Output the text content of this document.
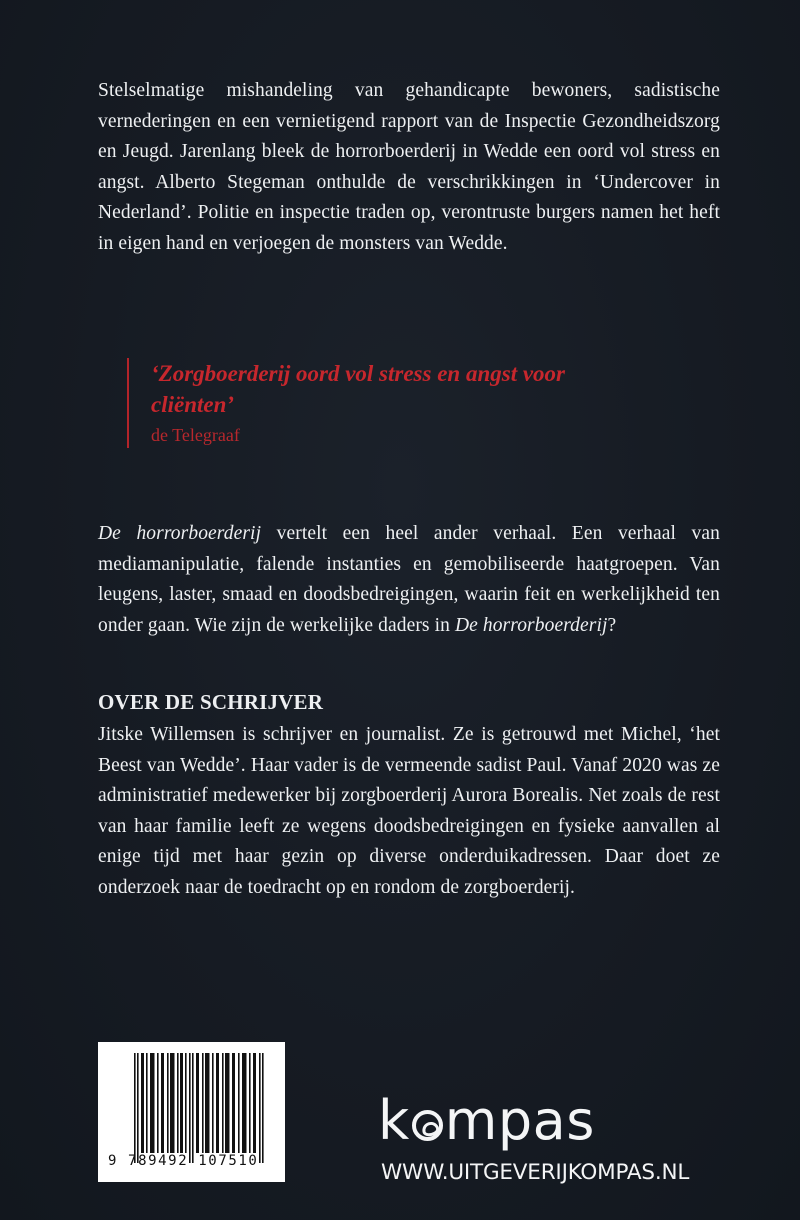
Stelselmatige mishandeling van gehandicapte bewoners, sadistische vernederingen en een vernietigend rapport van de Inspectie Gezondheidszorg en Jeugd. Jarenlang bleek de horrorboerderij in Wedde een oord vol stress en angst. Alberto Stegeman onthulde de verschrikkingen in ‘Undercover in Nederland’. Politie en inspectie traden op, verontruste burgers namen het heft in eigen hand en verjoegen de monsters van Wedde.
‘Zorgboerderij oord vol stress en angst voor cliënten’
de Telegraaf
De horrorboerderij vertelt een heel ander verhaal. Een verhaal van mediamanipulatie, falende instanties en gemobiliseerde haatgroepen. Van leugens, laster, smaad en doodsbedreigingen, waarin feit en werkelijkheid ten onder gaan. Wie zijn de werkelijke daders in De horrorboerderij?
OVER DE SCHRIJVER
Jitske Willemsen is schrijver en journalist. Ze is getrouwd met Michel, ‘het Beest van Wedde’. Haar vader is de vermeende sadist Paul. Vanaf 2020 was ze administratief medewerker bij zorgboerderij Aurora Borealis. Net zoals de rest van haar familie leeft ze wegens doodsbedreigingen en fysieke aanvallen al enige tijd met haar gezin op diverse onderduikadressen. Daar doet ze onderzoek naar de toedracht op en rondom de zorgboerderij.
9 789492 107510
k mpas
WWW.UITGEVERIJKOMPAS.NL
